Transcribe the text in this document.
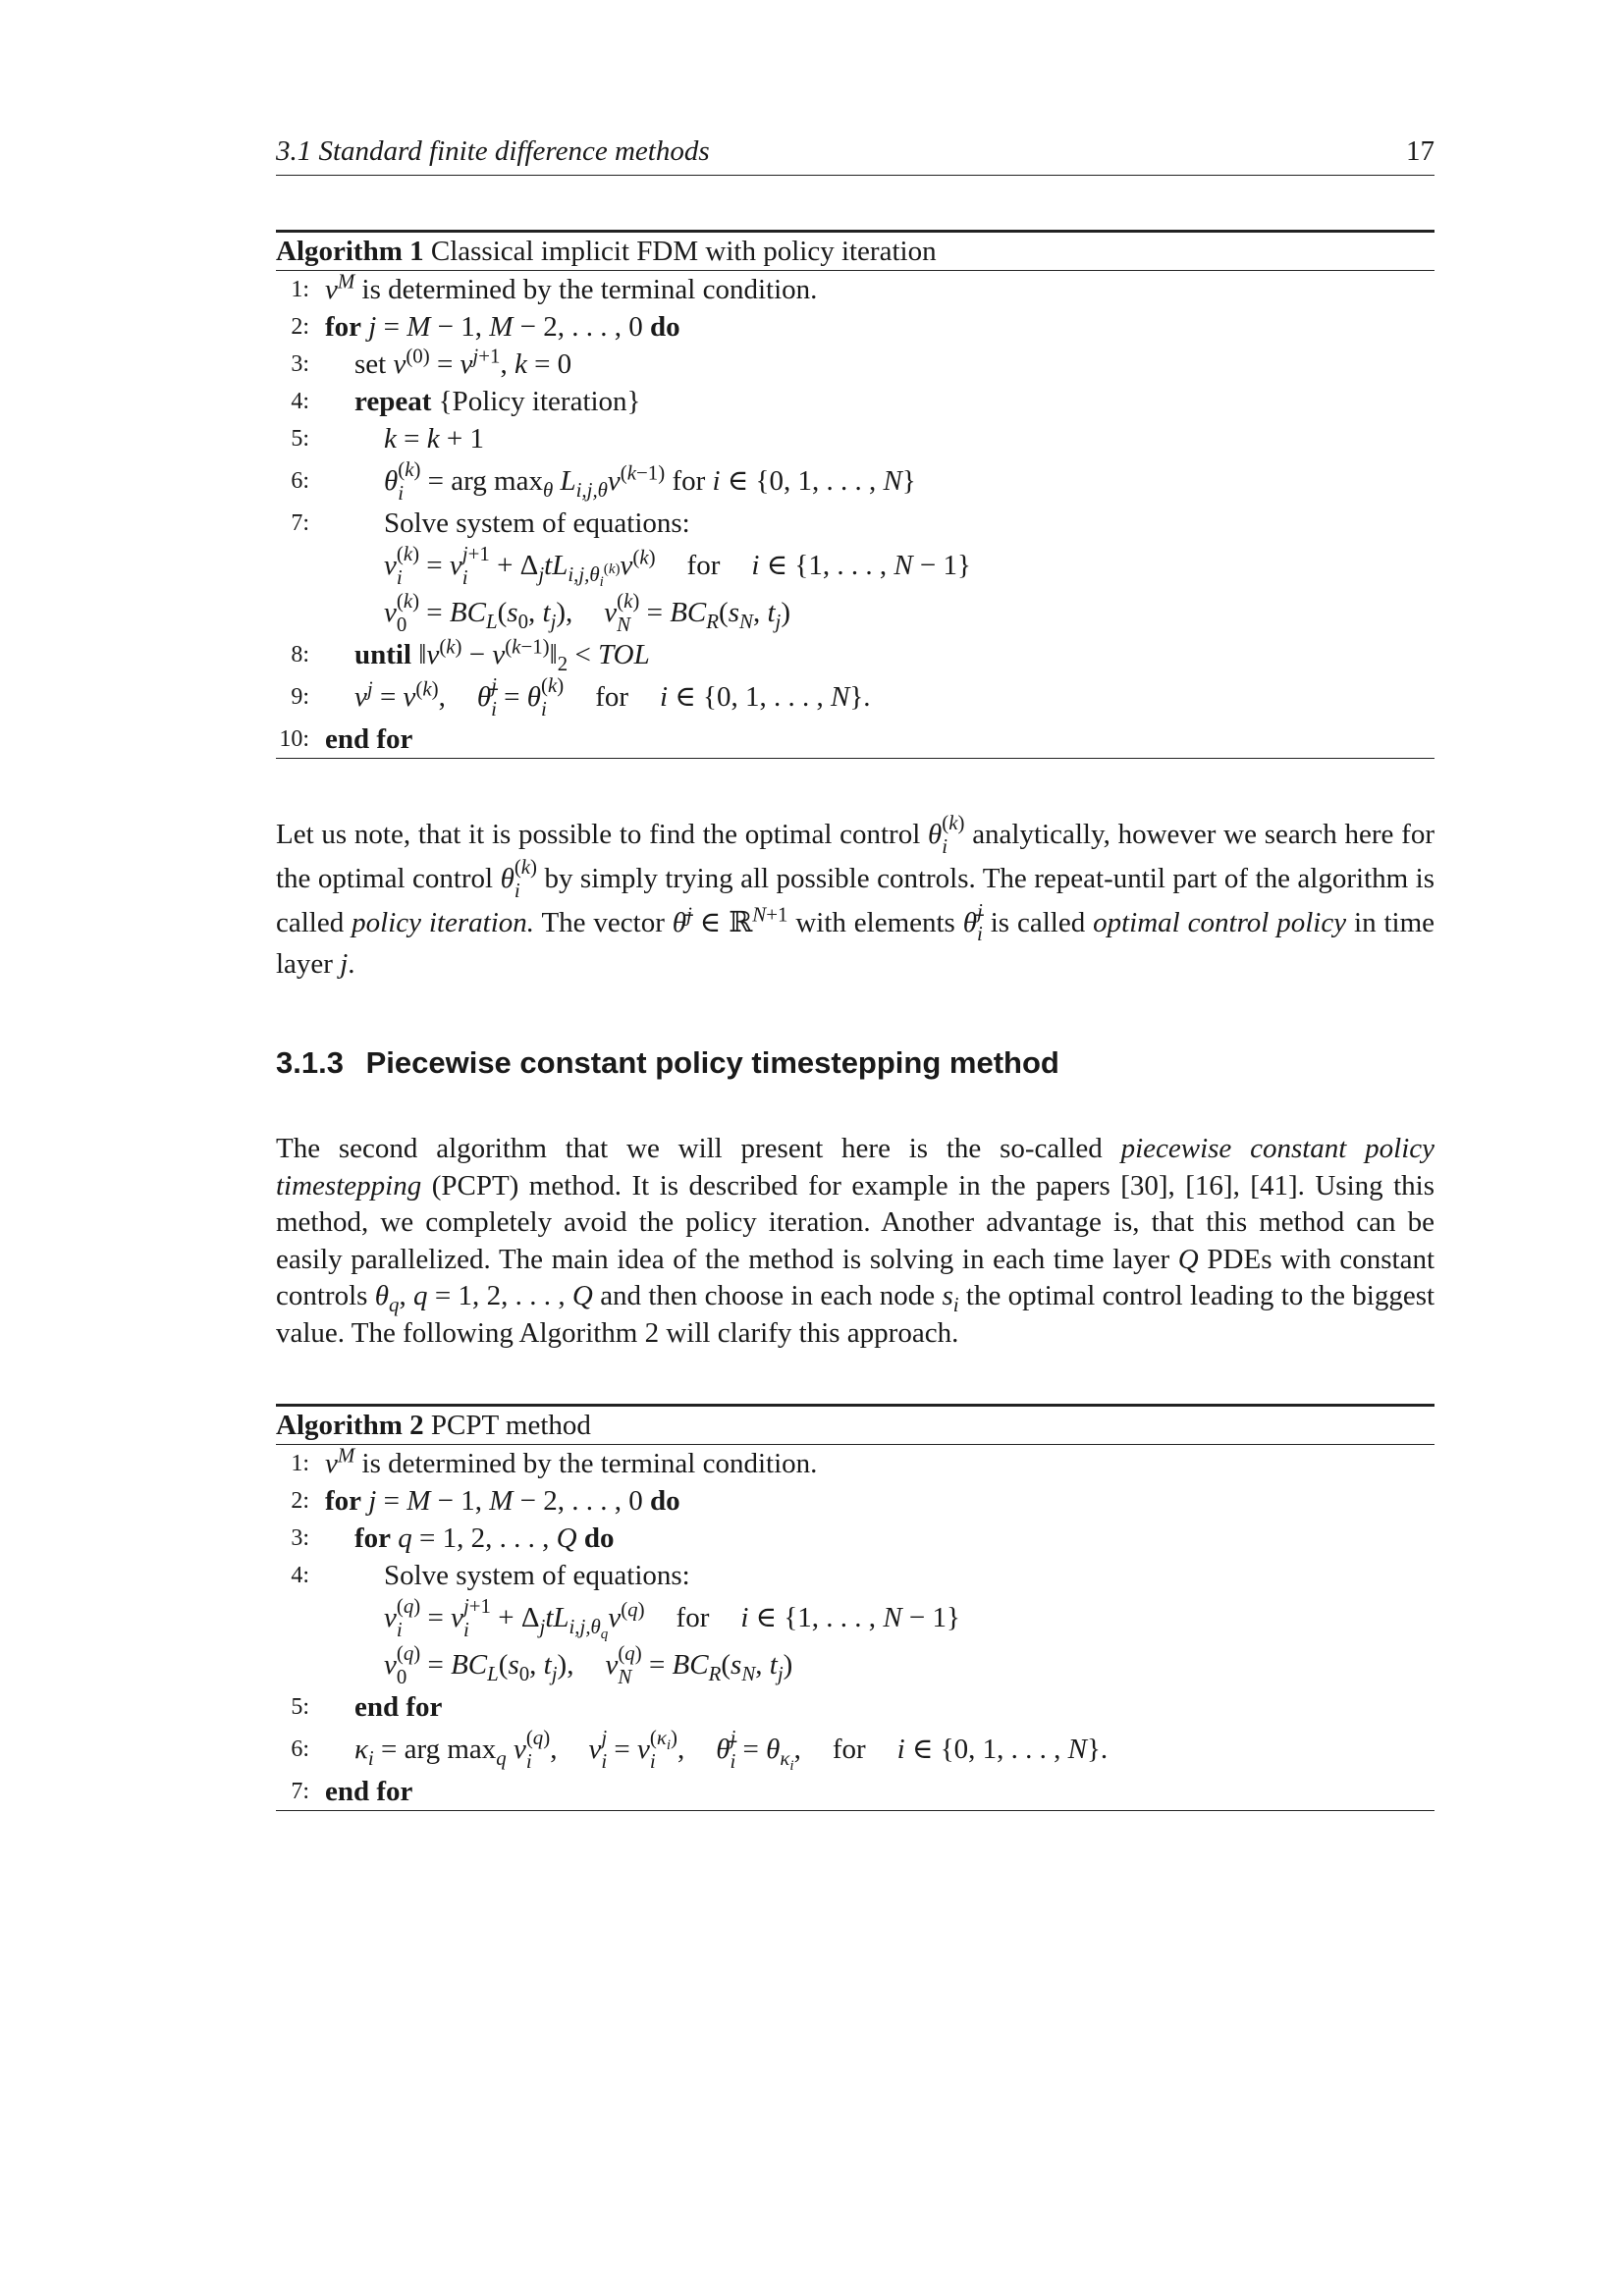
3.1 Standard finite difference methods	17
Algorithm 1 Classical implicit FDM with policy iteration
1: $v^M$ is determined by the terminal condition.
2: for j = M − 1, M − 2, . . . , 0 do
3:	set $v^{(0)} = v^{j+1}$, k = 0
4:	repeat {Policy iteration}
5:	k = k + 1
6:	θ (k)
i = arg $\max_\theta L_{i,j,\theta}v^{(k-1)}$ for i ∈ {0, 1, . . . , N}
7:	Solve system of equations:
v (k)
i = v j+1
$i + \Delta_jtL_{i,j,\theta_i^{(k)}}v^{(k)}$ for i ∈ {1, . . . , N − 1}
v (k)
$0 = BC_L(s_0$, $t_j$), v (k)
$N = BC_R(s_N$, $t_j$)
8:	until $‖v^{(k)}$ − $v^{(k-1)}‖_2$ < TOL
9:	$v^j = v^{(k)}$, θ̄ j
i = θ (k)
i	for i ∈ {0, 1, . . . , N}.
10: end for
Let us note, that it is possible to find the optimal control θ (k)
i analytically, however we search here for the optimal control θ (k)
i by simply trying all possible controls. The repeat-until part of the algorithm is called policy iteration. The vector θ̄$^j$ ∈ ℝ$^{N+1}$ with elements θ̄ j
i is called optimal control policy in time layer j.
3.1.3 Piecewise constant policy timestepping method
The second algorithm that we will present here is the so-called piecewise constant policy timestepping (PCPT) method. It is described for example in the papers [30], [16], [41]. Using this method, we completely avoid the policy iteration. Another advantage is, that this method can be easily parallelized. The main idea of the method is solving in each time layer Q PDEs with constant controls $\theta_q$, q = 1, 2, . . . , Q and then choose in each node $s_i$ the optimal control leading to the biggest value. The following Algorithm 2 will clarify this approach.
Algorithm 2 PCPT method
1: $v^M$ is determined by the terminal condition.
2: for j = M − 1, M − 2, . . . , 0 do
3:	for q = 1, 2, . . . , Q do
4:	Solve system of equations:
v (q)
i = v j+1
$i + \Delta_jtL_{i,j,\theta_q}v^{(q)}$ for i ∈ {1, . . . , N − 1}
v (q)
$0 = BC_L(s_0$, $t_j$), v (q)
$N = BC_R(s_N$, $t_j$)
5:	end for
6:	$\kappa_i$ = arg $\max_q v$ (q)
i , v j
i = v $(\kappa_i)$
i , θ̄ j
$i = \theta_{\kappa_i}$, for i ∈ {0, 1, . . . , N}.
7: end for
